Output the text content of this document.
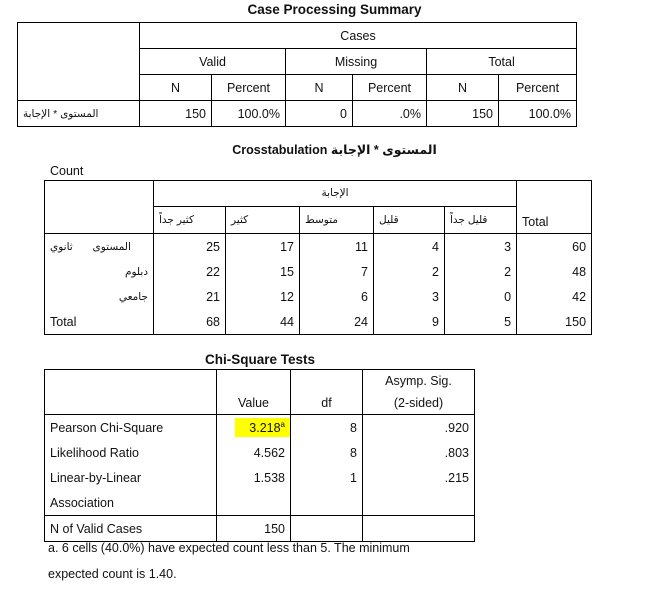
Case Processing Summary
	Cases					
	Valid		Missing		Total	
	N	Percent	N	Percent	N	Percent
المستوى * الإجابة	150	100.0%	0	.0%	150	100.0%
Crosstabulation المستوى * الإجابة
Count
	الإجابة					Total
	كثير جداً	كثير	متوسط	قليل	قليل جداً	
المستوى  ثانوي	25	17	11	4	3	60
دبلوم	22	15	7	2	2	48
جامعي	21	12	6	3	0	42
Total	68	44	24	9	5	150
Chi-Square Tests
	Value	df	Asymp. Sig.
(2-sided)

Pearson Chi-Square	3.218$^a$	8	.920
Likelihood Ratio	4.562	8	.803
Linear-by-Linear	1.538	1	.215
Association			
N of Valid Cases	150		
a. 6 cells (40.0%) have expected count less than 5. The minimum
expected count is 1.40.
